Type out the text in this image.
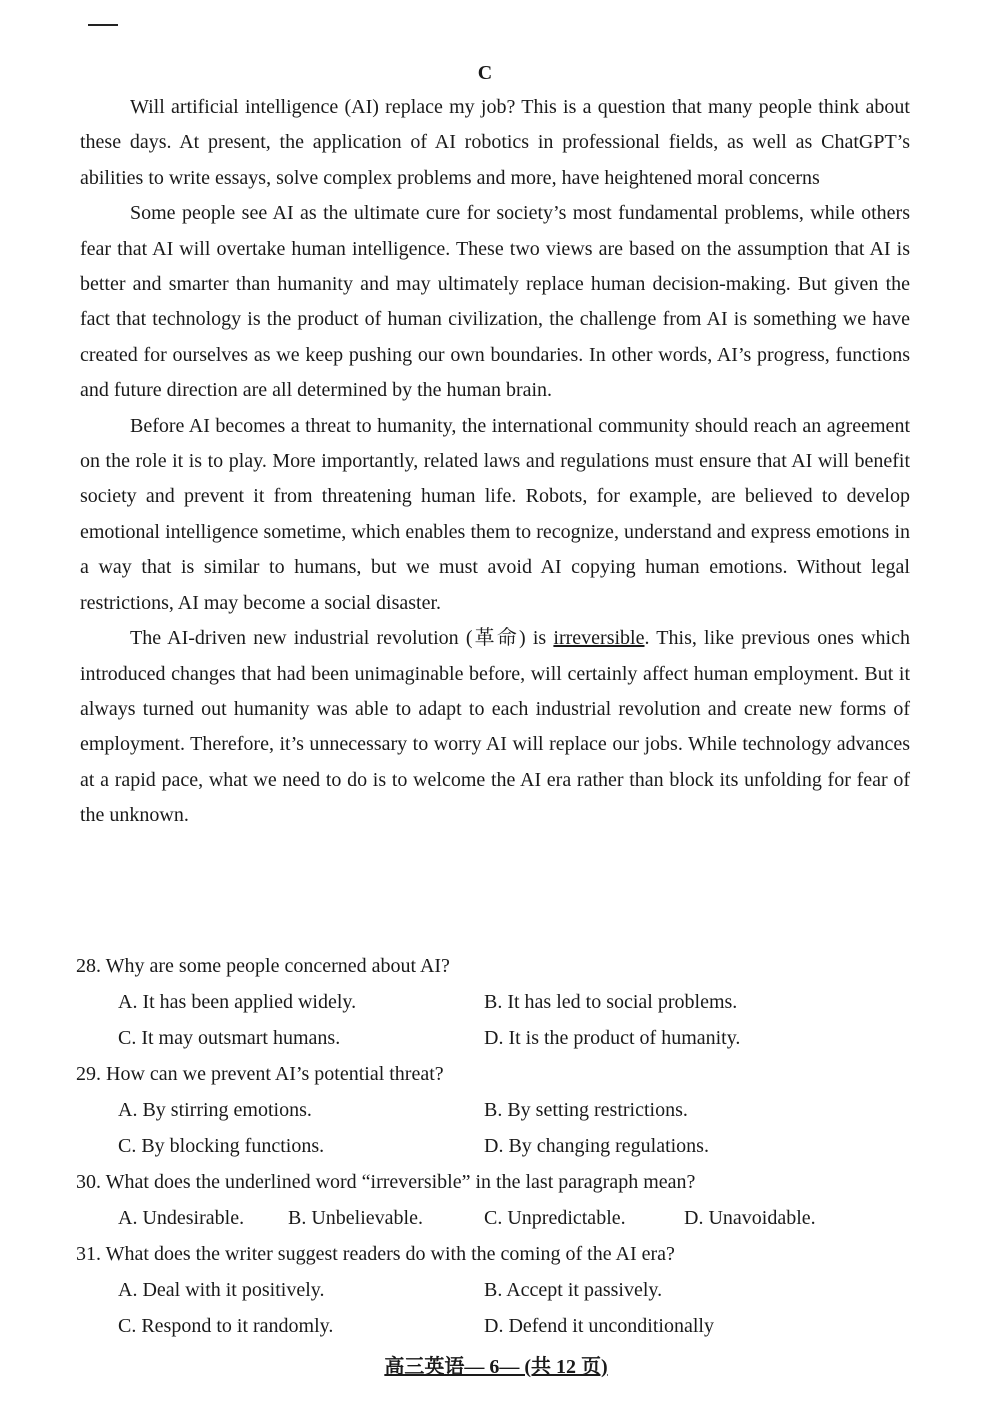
C

Will artificial intelligence (AI) replace my job? This is a question that many people think about these days. At present, the application of AI robotics in professional fields, as well as ChatGPT’s abilities to write essays, solve complex problems and more, have heightened moral concerns

Some people see AI as the ultimate cure for society’s most fundamental problems, while others fear that AI will overtake human intelligence. These two views are based on the assumption that AI is better and smarter than humanity and may ultimately replace human decision-making. But given the fact that technology is the product of human civilization, the challenge from AI is something we have created for ourselves as we keep pushing our own boundaries. In other words, AI’s progress, functions and future direction are all determined by the human brain.

Before AI becomes a threat to humanity, the international community should reach an agreement on the role it is to play. More importantly, related laws and regulations must ensure that AI will benefit society and prevent it from threatening human life. Robots, for example, are believed to develop emotional intelligence sometime, which enables them to recognize, understand and express emotions in a way that is similar to humans, but we must avoid AI copying human emotions. Without legal restrictions, AI may become a social disaster.

The AI-driven new industrial revolution (革命) is irreversible. This, like previous ones which introduced changes that had been unimaginable before, will certainly affect human employment. But it always turned out humanity was able to adapt to each industrial revolution and create new forms of employment. Therefore, it’s unnecessary to worry AI will replace our jobs. While technology advances at a rapid pace, what we need to do is to welcome the AI era rather than block its unfolding for fear of the unknown.

28. Why are some people concerned about AI?
A. It has been applied widely.	B. It has led to social problems.
C. It may outsmart humans.	D. It is the product of humanity.
29. How can we prevent AI’s potential threat?
A. By stirring emotions.	B. By setting restrictions.
C. By blocking functions.	D. By changing regulations.
30. What does the underlined word “irreversible” in the last paragraph mean?
A. Undesirable.	B. Unbelievable.	C. Unpredictable.	D. Unavoidable.
31. What does the writer suggest readers do with the coming of the AI era?
A. Deal with it positively.	B. Accept it passively.
C. Respond to it randomly.	D. Defend it unconditionally
高三英语— 6— (共 12 页)
